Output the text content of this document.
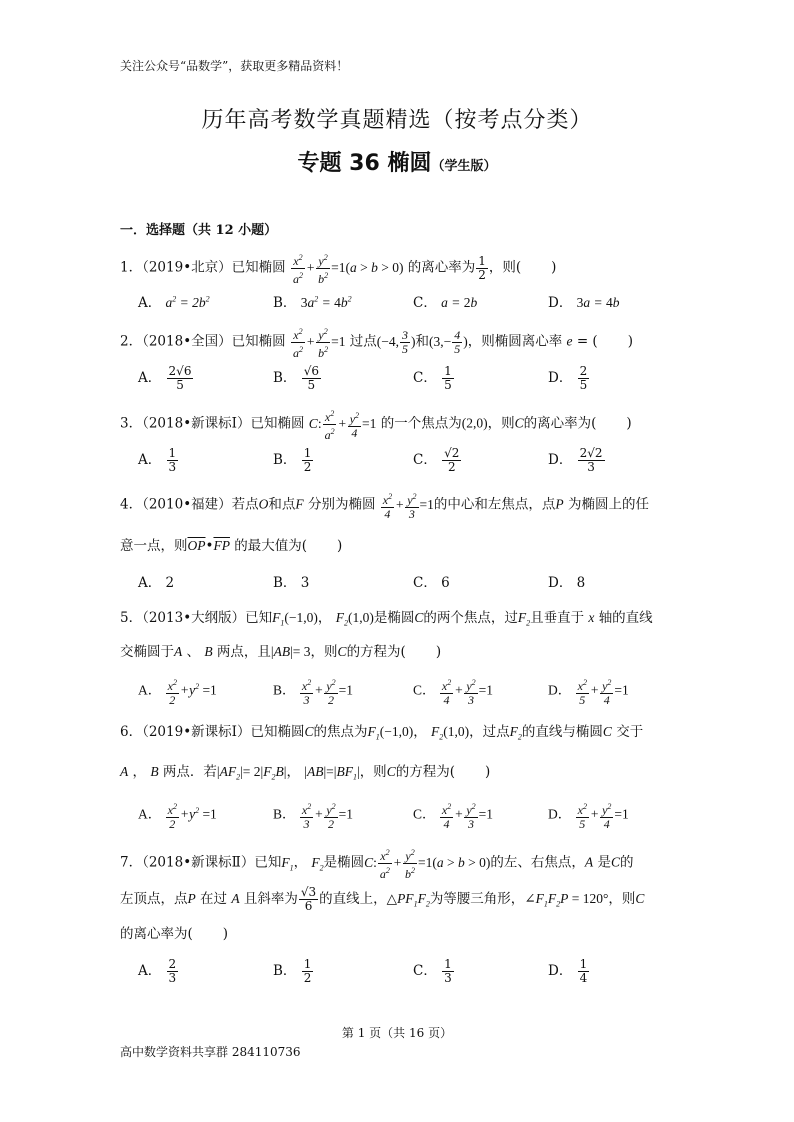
关注公众号“品数学”，获取更多精品资料！
历年高考数学真题精选（按考点分类）
专题 36 椭圆（学生版）
一．选择题（共 12 小题）
1．（2019•北京）已知椭圆 $\frac{x^2}{a^2} + \frac{y^2}{b^2} =1(a > b > 0)$ 的离心率为 $\frac{1}{2}$ ，则( )
A． $a^2 = 2b^2$	B． $3a^2 = 4b^2$	C． a = 2b	D． 3a = 4b
2．（2018•全国）已知椭圆 $\frac{x^2}{a^2} + \frac{y^2}{b^2} =1$ 过点(−4, $\frac{3}{5}$ )和($3,- \frac{4}{5}$ )，则椭圆离心率 e = ( )
A． $\frac{2√6}{5}$	B． $\frac{√6}{5}$	C． $\frac{1}{5}$	D． $\frac{2}{5}$
3．（2018•新课标Ⅰ）已知椭圆 C: $\frac{x^2}{a^2} + \frac{y^2}{4} =1$ 的一个焦点为(2,0)，则C的离心率为( )
A． $\frac{1}{3}$	B． $\frac{1}{2}$	C． $\frac{√2}{2}$	D． $\frac{2√2}{3}$
4．（2010•福建）若点O和点F 分别为椭圆 $\frac{x^2}{4} + \frac{y^2}{3} =1$的中心和左焦点，点P 为椭圆上的任
意一点，则$\overline{OP}•\overline{FP}$ 的最大值为( )
A． 2	B． 3	C． 6	D． 8
5．（2013•大纲版）已知$F_1(-1,0)$， $F_2(1,0)$是椭圆C的两个焦点，过$F_2$且垂直于 x 轴的直线
交椭圆于A 、 B 两点，且|AB|= 3，则C的方程为( )
A． $\frac{x^2}{2} +y^2 =1$	B． $\frac{x^2}{3} + \frac{y^2}{2} =1$	C． $\frac{x^2}{4} + \frac{y^2}{3} =1$	D． $\frac{x^2}{5} + \frac{y^2}{4} =1$
6．（2019•新课标Ⅰ）已知椭圆C的焦点为$F_1(-1,0)$， $F_2(1,0)$，过点$F_2$的直线与椭圆C 交于
A ， B 两点．若$|AF_2|= 2|F_2B|$， $|AB|=|BF_1|$，则C的方程为( )
A． $\frac{x^2}{2} +y^2 =1$	B． $\frac{x^2}{3} + \frac{y^2}{2} =1$	C． $\frac{x^2}{4} + \frac{y^2}{3} =1$	D． $\frac{x^2}{5} + \frac{y^2}{4} =1$
7．（2018•新课标Ⅱ）已知$F_1$， $F_2$是椭圆C: $\frac{x^2}{a^2} + \frac{y^2}{b^2} =1(a > b > 0)$的左、右焦点，A 是C的
左顶点，点P 在过 A 且斜率为 $\frac{√3}{6}$ 的直线上，$\triangle PF_1F_2$为等腰三角形，$\angle F_1F_2P = 120^\circ$，则C
的离心率为( )
A． $\frac{2}{3}$	B． $\frac{1}{2}$	C． $\frac{1}{3}$	D． $\frac{1}{4}$
第 1 页（共 16 页）
高中数学资料共享群 284110736
